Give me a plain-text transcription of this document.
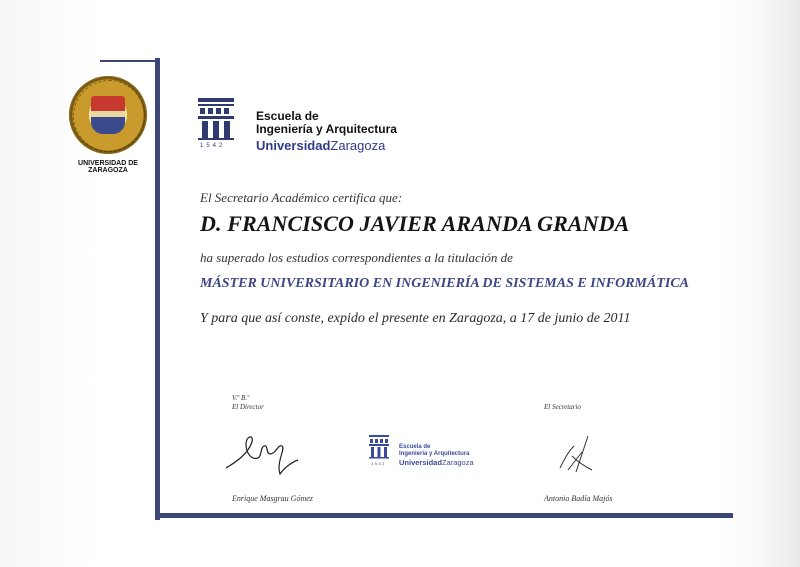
UNIVERSIDAD DE ZARAGOZA
1542
Escuela de
Ingeniería y Arquitectura
UniversidadZaragoza
El Secretario Académico certifica que:
D. FRANCISCO JAVIER ARANDA GRANDA
ha superado los estudios correspondientes a la titulación de
MÁSTER UNIVERSITARIO EN INGENIERÍA DE SISTEMAS E INFORMÁTICA
Y para que así conste, expido el presente en Zaragoza, a 17 de junio de 2011
V.º B.º
El Director	El Secretario
1542
Escuela de
Ingeniería y Arquitectura
UniversidadZaragoza
Enrique Masgrau Gómez	Antonio Badía Majós
